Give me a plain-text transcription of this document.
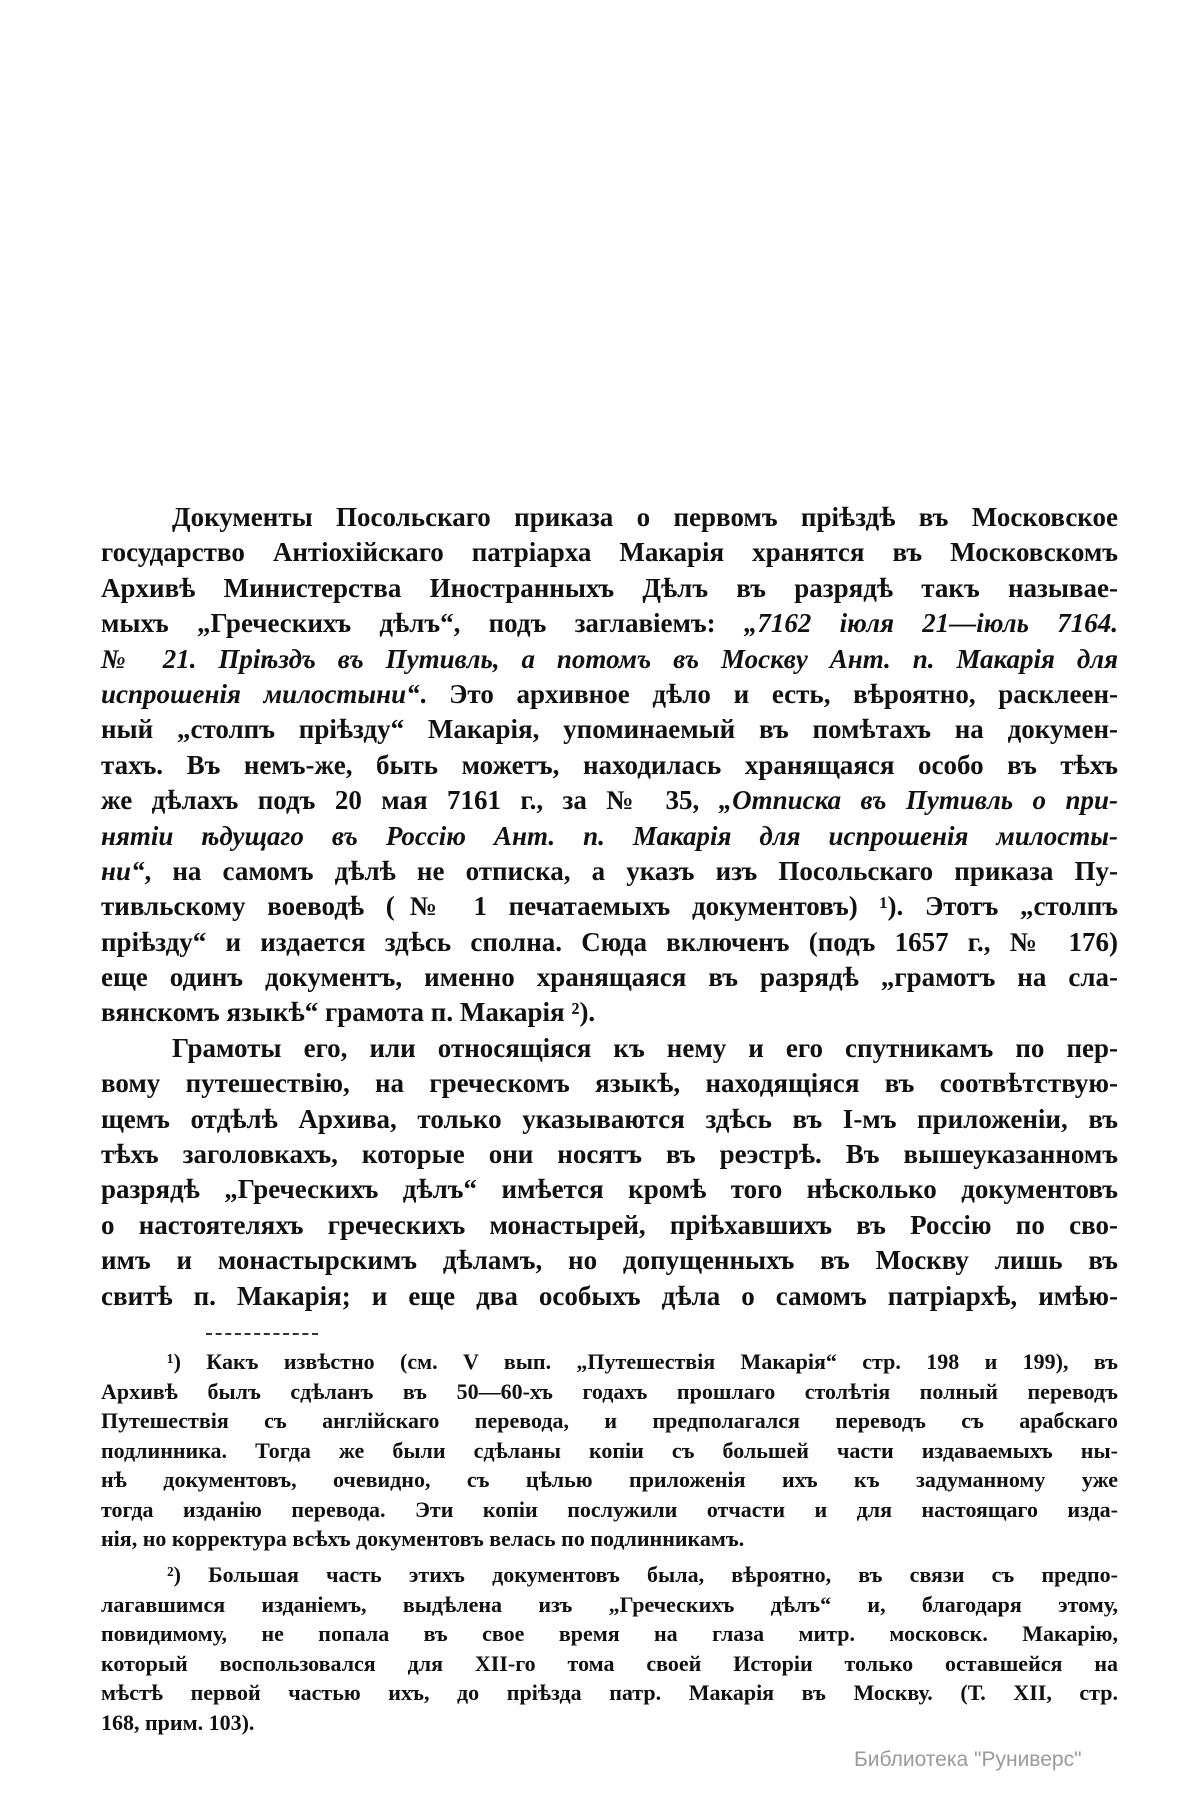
Документы Посольскаго приказа о первомъ прiѣздѣ въ Московское
государство Антiохiйскаго патрiарха Макарiя хранятся въ Московскомъ
Архивѣ Министерства Иностранныхъ Дѣлъ въ разрядѣ такъ называе-
мыхъ „Греческихъ дѣлъ“, подъ заглавiемъ: „7162 iюля 21—iюль 7164.
№ 21. Прiѣздъ въ Путивль, а потомъ въ Москву Ант. п. Макарiя для
испрошенiя милостыни“. Это архивное дѣло и есть, вѣроятно, расклеен-
ный „столпъ прiѣзду“ Макарiя, упоминаемый въ помѣтахъ на докумен-
тахъ. Въ немъ-же, быть можетъ, находилась хранящаяся особо въ тѣхъ
же дѣлахъ подъ 20 мая 7161 г., за № 35, „Отписка въ Путивль о при-
нятiи ѣдущаго въ Россiю Ант. п. Макарiя для испрошенiя милосты-
ни“, на самомъ дѣлѣ не отписка, а указъ изъ Посольскаго приказа Пу-
тивльскому воеводѣ (№ 1 печатаемыхъ документовъ) ¹). Этотъ „столпъ
прiѣзду“ и издается здѣсь сполна. Сюда включенъ (подъ 1657 г., № 176)
еще одинъ документъ, именно хранящаяся въ разрядѣ „грамотъ на сла-
вянскомъ языкѣ“ грамота п. Макарiя ²).
Грамоты его, или относящiяся къ нему и его спутникамъ по пер-
вому путешествiю, на греческомъ языкѣ, находящiяся въ соотвѣтствую-
щемъ отдѣлѣ Архива, только указываются здѣсь въ I-мъ приложенiи, въ
тѣхъ заголовкахъ, которые они носятъ въ реэстрѣ. Въ вышеуказанномъ
разрядѣ „Греческихъ дѣлъ“ имѣется кромѣ того нѣсколько документовъ
о настоятеляхъ греческихъ монастырей, прiѣхавшихъ въ Россiю по сво-
имъ и монастырскимъ дѣламъ, но допущенныхъ въ Москву лишь въ
свитѣ п. Макарiя; и еще два особыхъ дѣла о самомъ патрiархѣ, имѣю-
¹) Какъ извѣстно (см. V вып. „Путешествiя Макарiя“ стр. 198 и 199), въ
Архивѣ былъ сдѣланъ въ 50—60-хъ годахъ прошлаго столѣтiя полный переводъ
Путешествiя съ англiйскаго перевода, и предполагался переводъ съ арабскаго
подлинника. Тогда же были сдѣланы копiи съ большей части издаваемыхъ ны-
нѣ документовъ, очевидно, съ цѣлью приложенiя ихъ къ задуманному уже
тогда изданiю перевода. Эти копiи послужили отчасти и для настоящаго изда-
нiя, но корректура всѣхъ документовъ велась по подлинникамъ.
²) Большая часть этихъ документовъ была, вѣроятно, въ связи съ предпо-
лагавшимся изданiемъ, выдѣлена изъ „Греческихъ дѣлъ“ и, благодаря этому,
повидимому, не попала въ свое время на глаза митр. московск. Макарiю,
который воспользовался для XII-го тома своей Исторiи только оставшейся на
мѣстѣ первой частью ихъ, до прiѣзда патр. Макарiя въ Москву. (Т. XII, стр.
168, прим. 103).
Библиотека "Руниверс"
